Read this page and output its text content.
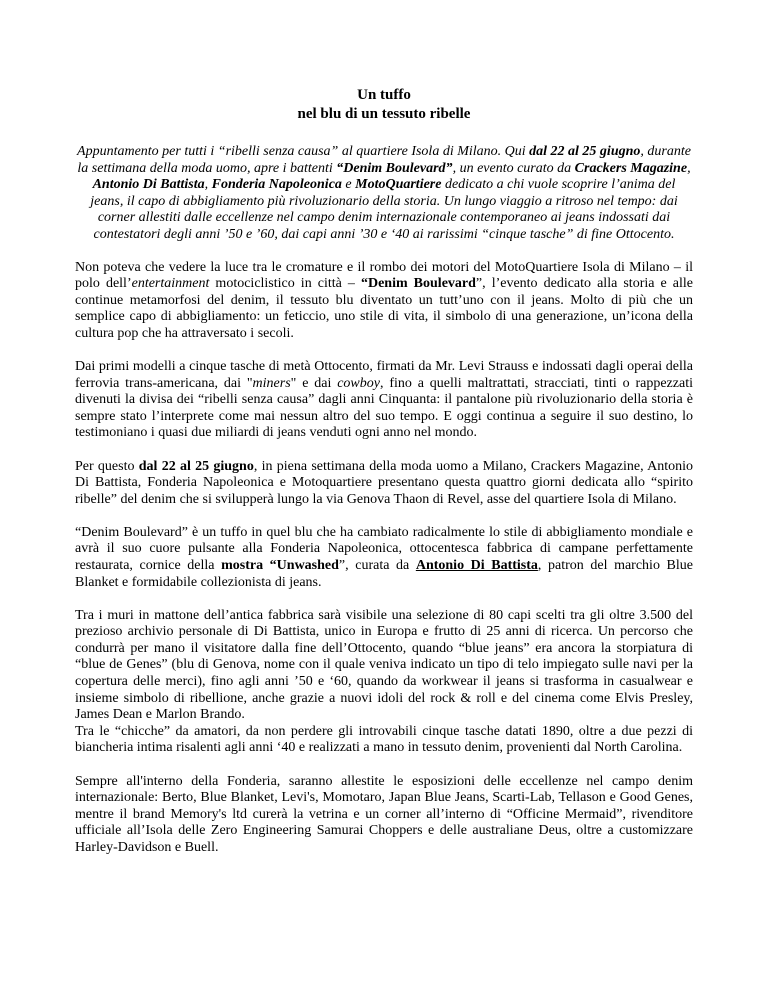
Un tuffo
nel blu di un tessuto ribelle

Appuntamento per tutti i “ribelli senza causa” al quartiere Isola di Milano. Qui dal 22 al 25 giugno, durante la settimana della moda uomo, apre i battenti “Denim Boulevard”, un evento curato da Crackers Magazine, Antonio Di Battista, Fonderia Napoleonica e MotoQuartiere dedicato a chi vuole scoprire l’anima del jeans, il capo di abbigliamento più rivoluzionario della storia. Un lungo viaggio a ritroso nel tempo: dai corner allestiti dalle eccellenze nel campo denim internazionale contemporaneo ai jeans indossati dai contestatori degli anni ’50 e ’60, dai capi anni ’30 e ‘40 ai rarissimi “cinque tasche” di fine Ottocento.

Non poteva che vedere la luce tra le cromature e il rombo dei motori del MotoQuartiere Isola di Milano – il polo dell’entertainment motociclistico in città – “Denim Boulevard”, l’evento dedicato alla storia e alle continue metamorfosi del denim, il tessuto blu diventato un tutt’uno con il jeans. Molto di più che un semplice capo di abbigliamento: un feticcio, uno stile di vita, il simbolo di una generazione, un’icona della cultura pop che ha attraversato i secoli.

Dai primi modelli a cinque tasche di metà Ottocento, firmati da Mr. Levi Strauss e indossati dagli operai della ferrovia trans-americana, dai "miners" e dai cowboy, fino a quelli maltrattati, stracciati, tinti o rappezzati divenuti la divisa dei “ribelli senza causa” dagli anni Cinquanta: il pantalone più rivoluzionario della storia è sempre stato l’interprete come mai nessun altro del suo tempo. E oggi continua a seguire il suo destino, lo testimoniano i quasi due miliardi di jeans venduti ogni anno nel mondo.

Per questo dal 22 al 25 giugno, in piena settimana della moda uomo a Milano, Crackers Magazine, Antonio Di Battista, Fonderia Napoleonica e Motoquartiere presentano questa quattro giorni dedicata allo “spirito ribelle” del denim che si svilupperà lungo la via Genova Thaon di Revel, asse del quartiere Isola di Milano.

“Denim Boulevard” è un tuffo in quel blu che ha cambiato radicalmente lo stile di abbigliamento mondiale e avrà il suo cuore pulsante alla Fonderia Napoleonica, ottocentesca fabbrica di campane perfettamente restaurata, cornice della mostra “Unwashed”, curata da Antonio Di Battista, patron del marchio Blue Blanket e formidabile collezionista di jeans.

Tra i muri in mattone dell’antica fabbrica sarà visibile una selezione di 80 capi scelti tra gli oltre 3.500 del prezioso archivio personale di Di Battista, unico in Europa e frutto di 25 anni di ricerca. Un percorso che condurrà per mano il visitatore dalla fine dell’Ottocento, quando “blue jeans” era ancora la storpiatura di “blue de Genes” (blu di Genova, nome con il quale veniva indicato un tipo di telo impiegato sulle navi per la copertura delle merci), fino agli anni ’50 e ‘60, quando da workwear il jeans si trasforma in casualwear e insieme simbolo di ribellione, anche grazie a nuovi idoli del rock & roll e del cinema come Elvis Presley, James Dean e Marlon Brando.

Tra le “chicche” da amatori, da non perdere gli introvabili cinque tasche datati 1890, oltre a due pezzi di biancheria intima risalenti agli anni ‘40 e realizzati a mano in tessuto denim, provenienti dal North Carolina.

Sempre all'interno della Fonderia, saranno allestite le esposizioni delle eccellenze nel campo denim internazionale: Berto, Blue Blanket, Levi's, Momotaro, Japan Blue Jeans, Scarti-Lab, Tellason e Good Genes, mentre il brand Memory's ltd curerà la vetrina e un corner all’interno di “Officine Mermaid”, rivenditore ufficiale all’Isola delle Zero Engineering Samurai Choppers e delle australiane Deus, oltre a customizzare Harley-Davidson e Buell.
